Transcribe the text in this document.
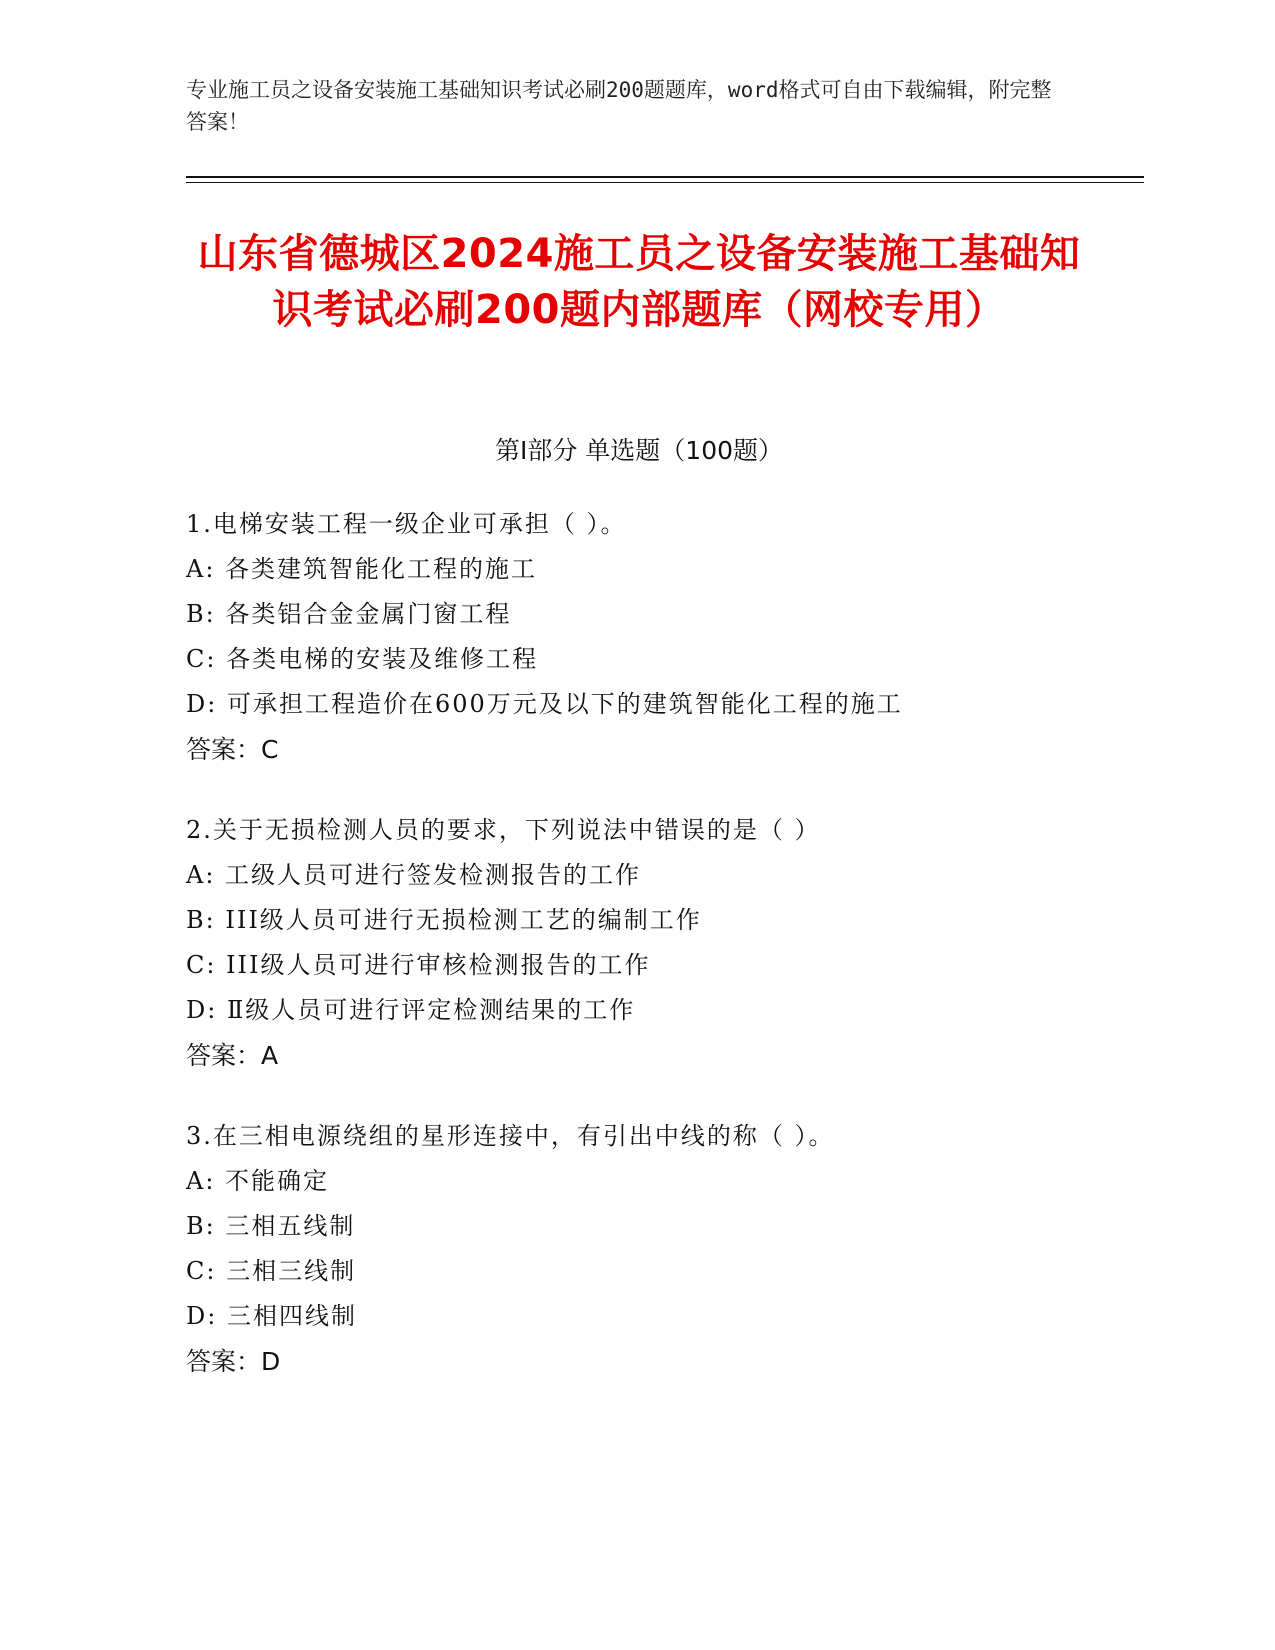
专业施工员之设备安装施工基础知识考试必刷200题题库，word格式可自由下载编辑，附完整答案！
山东省德城区2024施工员之设备安装施工基础知识考试必刷200题内部题库（网校专用）
第Ⅰ部分 单选题（100题）
1.电梯安装工程一级企业可承担（ ）。
A: 各类建筑智能化工程的施工
B: 各类铝合金金属门窗工程
C: 各类电梯的安装及维修工程
D: 可承担工程造价在600万元及以下的建筑智能化工程的施工
答案：C
2.关于无损检测人员的要求，下列说法中错误的是（ ）
A: 工级人员可进行签发检测报告的工作
B: III级人员可进行无损检测工艺的编制工作
C: III级人员可进行审核检测报告的工作
D: Ⅱ级人员可进行评定检测结果的工作
答案：A
3.在三相电源绕组的星形连接中，有引出中线的称（ ）。
A: 不能确定
B: 三相五线制
C: 三相三线制
D: 三相四线制
答案：D
